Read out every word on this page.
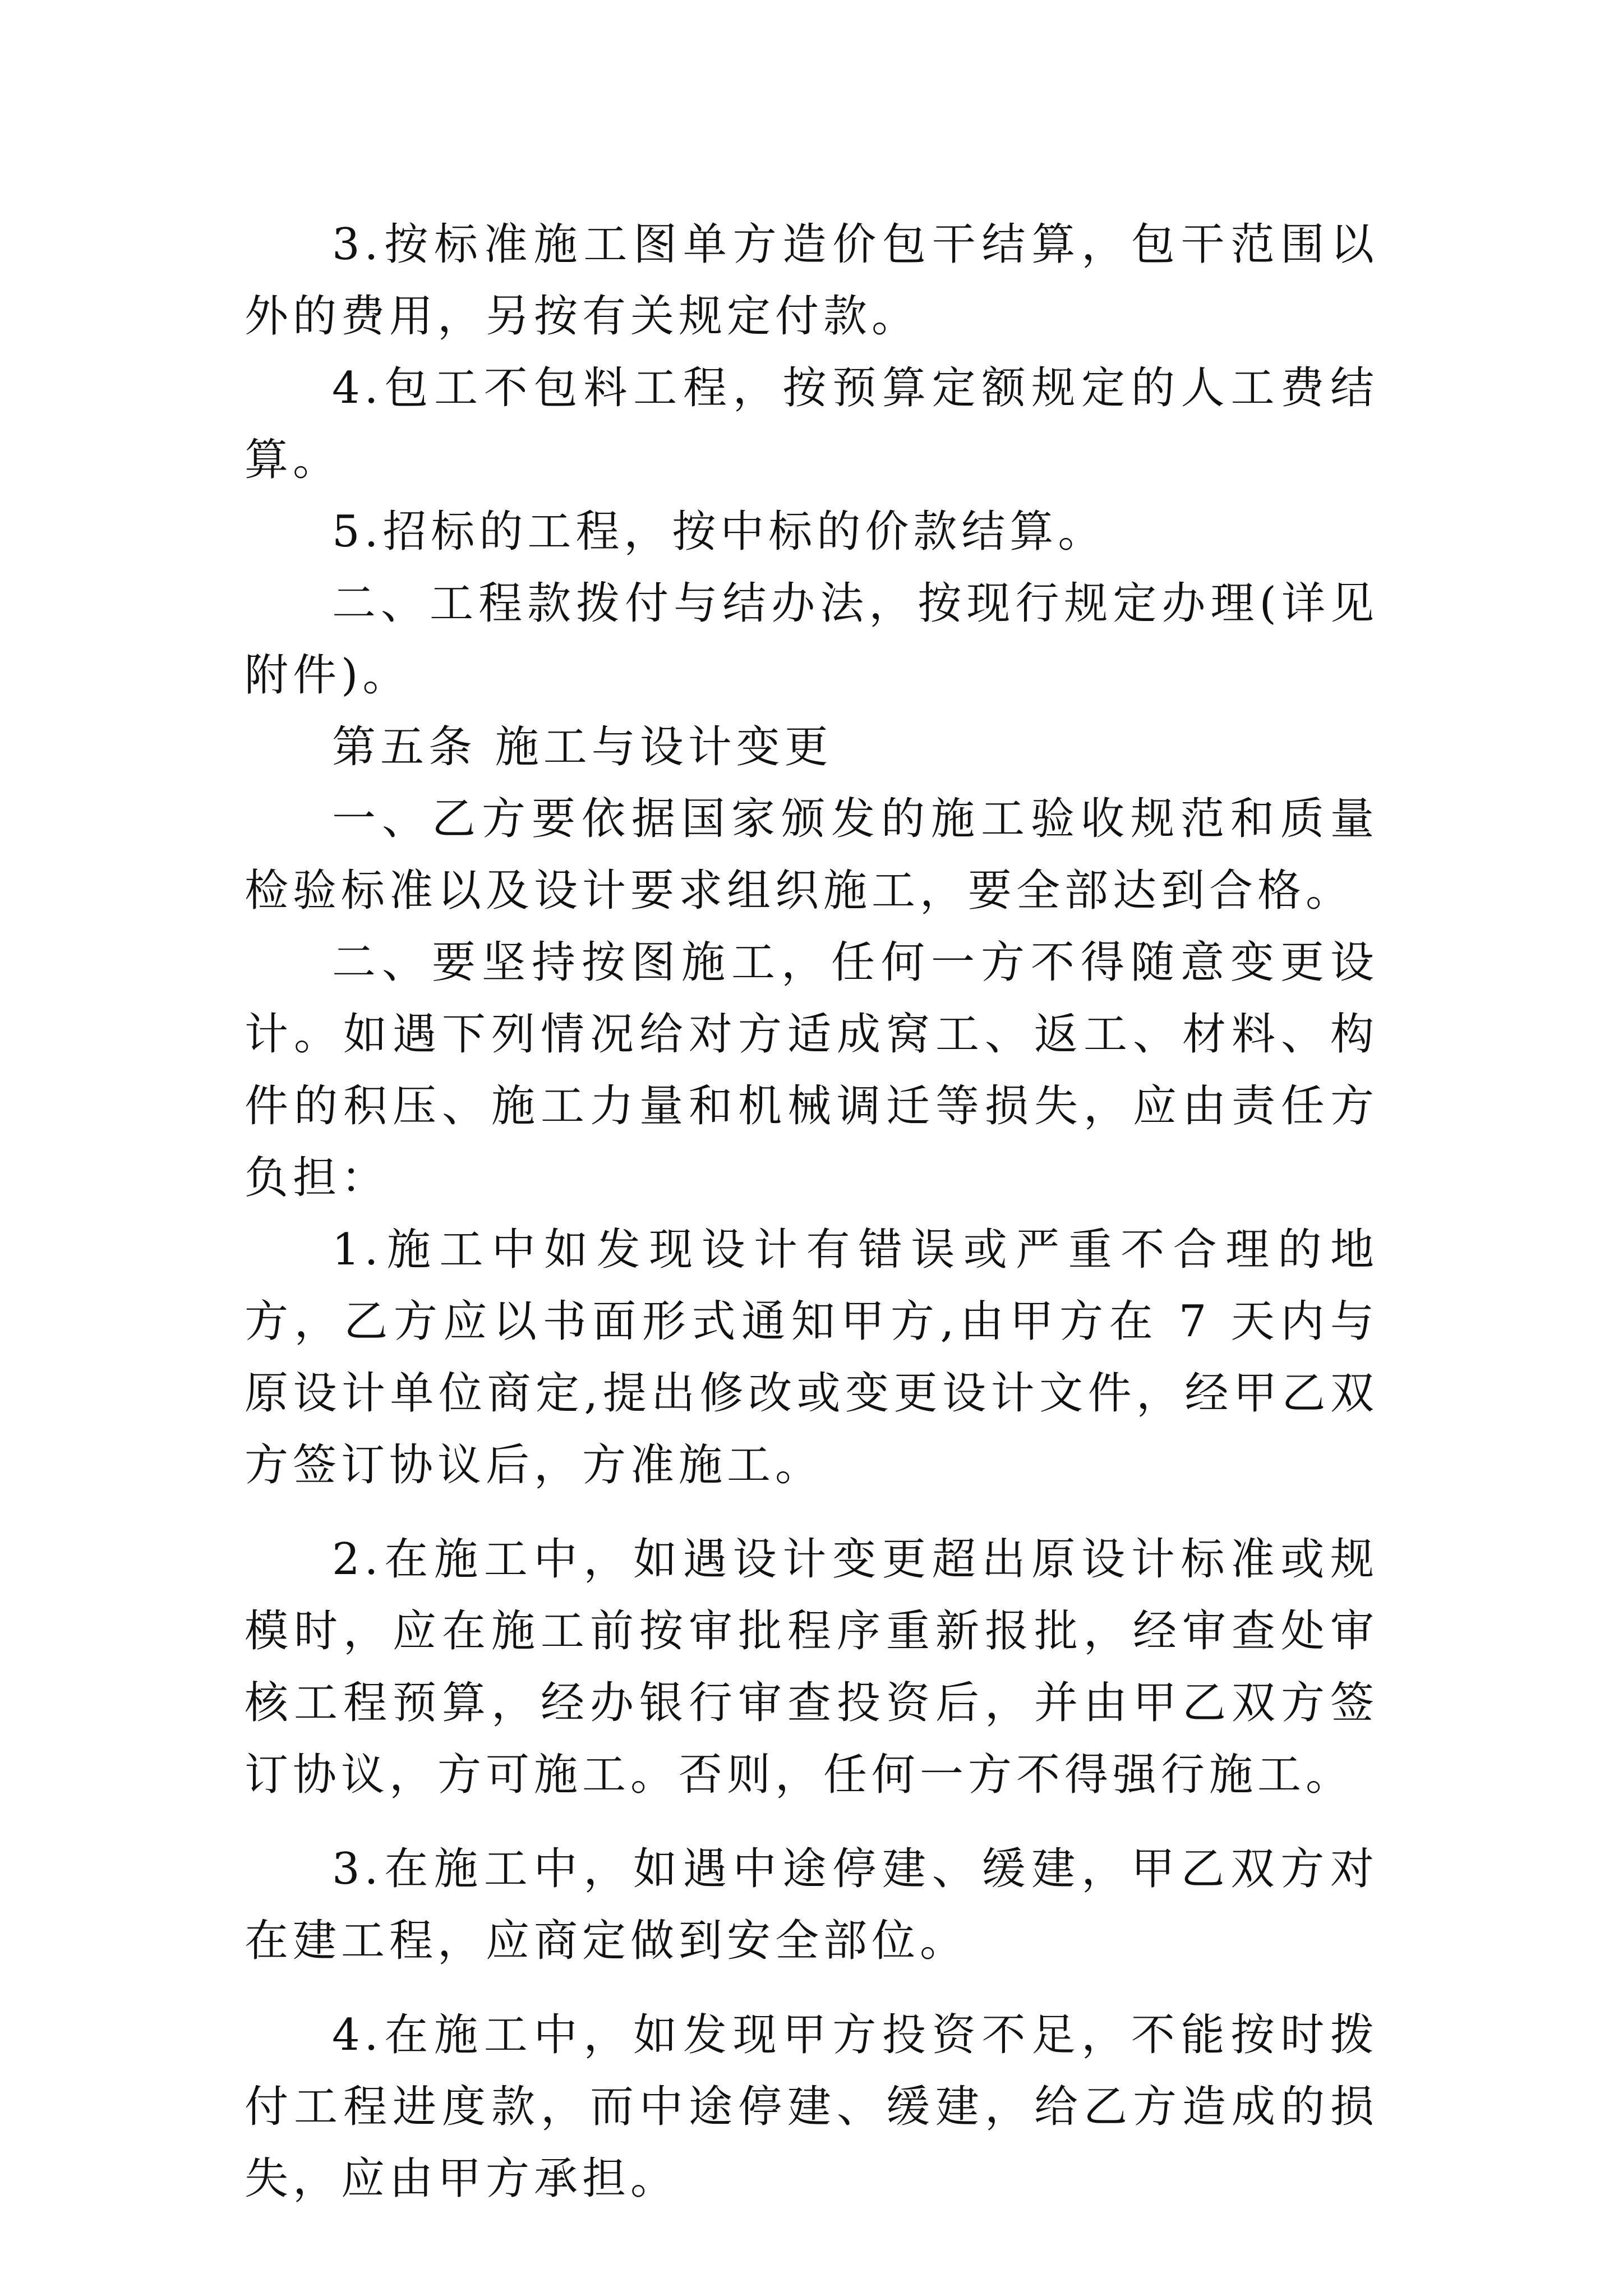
3.按标准施工图单方造价包干结算，包干范围以外的费用，另按有关规定付款。

4.包工不包料工程，按预算定额规定的人工费结算。

5.招标的工程，按中标的价款结算。

二、工程款拨付与结办法，按现行规定办理(详见附件)。

第五条 施工与设计变更

一、乙方要依据国家颁发的施工验收规范和质量检验标准以及设计要求组织施工，要全部达到合格。

二、要坚持按图施工，任何一方不得随意变更设计。如遇下列情况给对方适成窝工、返工、材料、构件的积压、施工力量和机械调迁等损失，应由责任方负担：

1.施工中如发现设计有错误或严重不合理的地方，乙方应以书面形式通知甲方,由甲方在 7 天内与原设计单位商定,提出修改或变更设计文件，经甲乙双方签订协议后，方准施工。

2.在施工中，如遇设计变更超出原设计标准或规模时，应在施工前按审批程序重新报批，经审查处审核工程预算，经办银行审查投资后，并由甲乙双方签订协议，方可施工。否则，任何一方不得强行施工。

3.在施工中，如遇中途停建、缓建，甲乙双方对在建工程，应商定做到安全部位。

4.在施工中，如发现甲方投资不足，不能按时拨付工程进度款，而中途停建、缓建，给乙方造成的损失，应由甲方承担。
